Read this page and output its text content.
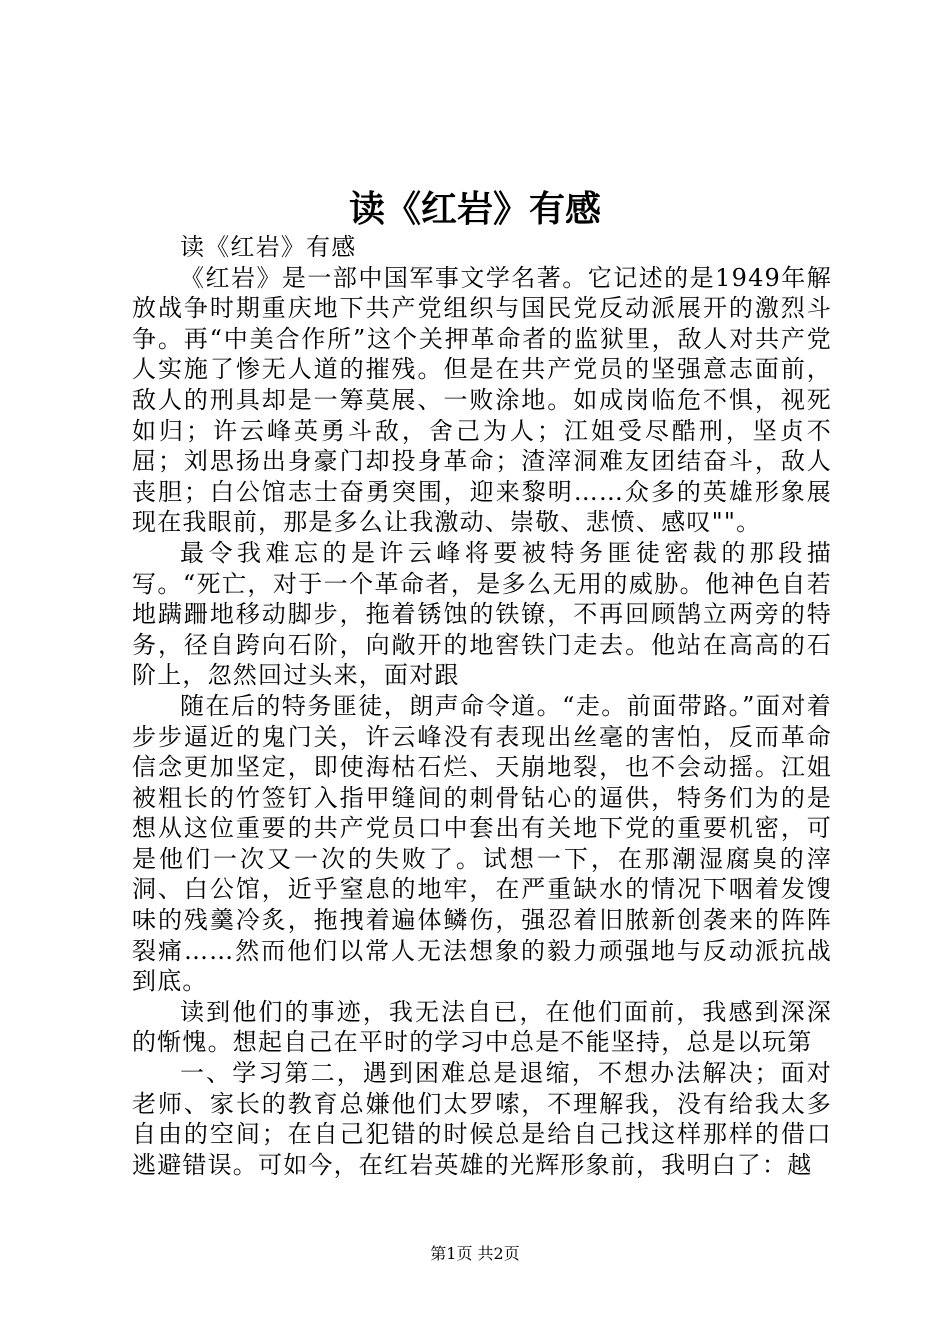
读《红岩》有感

读《红岩》有感

《红岩》是一部中国军事文学名著。它记述的是1949年解放战争时期重庆地下共产党组织与国民党反动派展开的激烈斗争。再“中美合作所”这个关押革命者的监狱里，敌人对共产党人实施了惨无人道的摧残。但是在共产党员的坚强意志面前，敌人的刑具却是一筹莫展、一败涂地。如成岗临危不惧，视死如归；许云峰英勇斗敌，舍己为人；江姐受尽酷刑，坚贞不屈；刘思扬出身豪门却投身革命；渣滓洞难友团结奋斗，敌人丧胆；白公馆志士奋勇突围，迎来黎明……众多的英雄形象展现在我眼前，那是多么让我激动、崇敬、悲愤、感叹""。

最令我难忘的是许云峰将要被特务匪徒密裁的那段描写。“死亡，对于一个革命者，是多么无用的威胁。他神色自若地蹒跚地移动脚步，拖着锈蚀的铁镣，不再回顾鹄立两旁的特务，径自跨向石阶，向敞开的地窖铁门走去。他站在高高的石阶上，忽然回过头来，面对跟

随在后的特务匪徒，朗声命令道。“走。前面带路。”面对着步步逼近的鬼门关，许云峰没有表现出丝毫的害怕，反而革命信念更加坚定，即使海枯石烂、天崩地裂，也不会动摇。江姐被粗长的竹签钉入指甲缝间的刺骨钻心的逼供，特务们为的是想从这位重要的共产党员口中套出有关地下党的重要机密，可是他们一次又一次的失败了。试想一下，在那潮湿腐臭的滓洞、白公馆，近乎窒息的地牢，在严重缺水的情况下咽着发馊味的残羹冷炙，拖拽着遍体鳞伤，强忍着旧脓新创袭来的阵阵裂痛……然而他们以常人无法想象的毅力顽强地与反动派抗战到底。

读到他们的事迹，我无法自已，在他们面前，我感到深深的惭愧。想起自己在平时的学习中总是不能坚持，总是以玩第

一、学习第二，遇到困难总是退缩，不想办法解决；面对老师、家长的教育总嫌他们太罗嗦，不理解我，没有给我太多自由的空间；在自己犯错的时候总是给自己找这样那样的借口逃避错误。可如今，在红岩英雄的光辉形象前，我明白了：越

第1页 共2页
